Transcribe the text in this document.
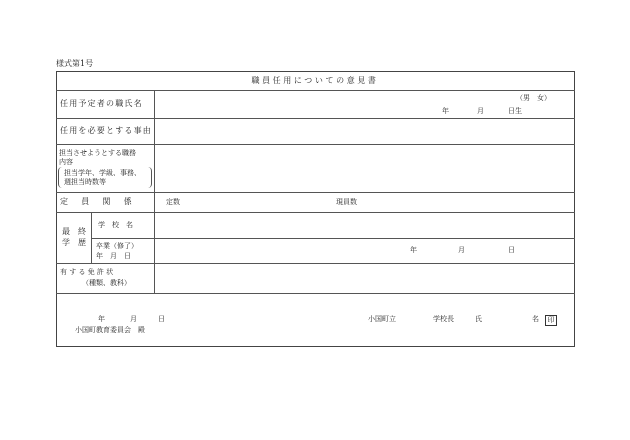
様式第1号
職員任用についての意見書
任用予定者の職氏名
（男　女）
年	月	日生
任用を必要とする事由
担当させようとする職務
内容
担当学年、学級、事務、
週担当時数等
定　員　関　係	定数	現員数
最　終
学　歴
学　校　名
卒業（修了）
年　月　日
年	月	日
有 す る 免 許 状
（種類、教科）
年	月	日
小国町教育委員会　殿
小国町立	学校長	氏	名	印
